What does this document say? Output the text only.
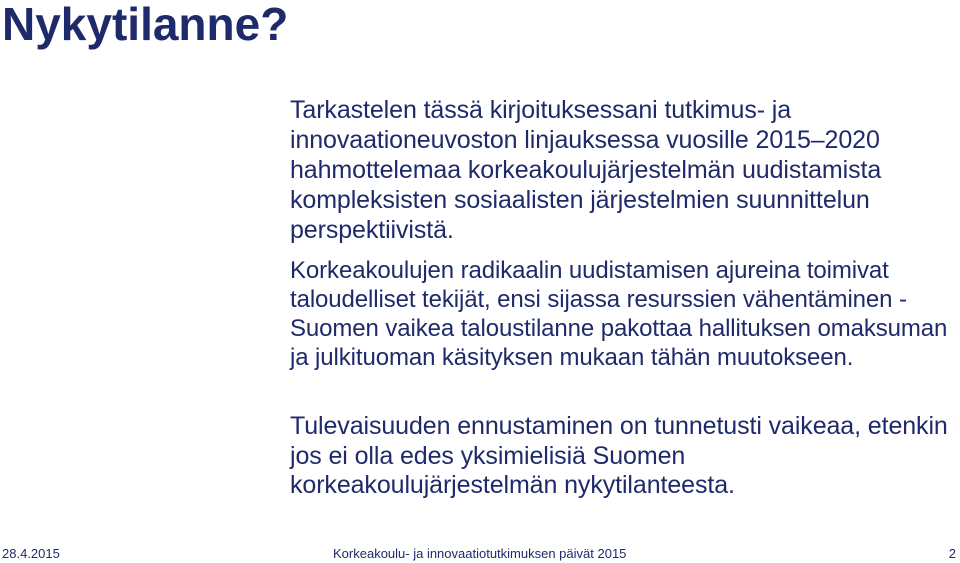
Nykytilanne?

Tarkastelen tässä kirjoituksessani tutkimus- ja innovaationeuvoston linjauksessa vuosille 2015–2020 hahmottelemaa korkeakoulujärjestelmän uudistamista kompleksisten sosiaalisten järjestelmien suunnittelun perspektiivistä.

Korkeakoulujen radikaalin uudistamisen ajureina toimivat taloudelliset tekijät, ensi sijassa resurssien vähentäminen - Suomen vaikea taloustilanne pakottaa hallituksen omaksuman ja julkituoman käsityksen mukaan tähän muutokseen.

Tulevaisuuden ennustaminen on tunnetusti vaikeaa, etenkin jos ei olla edes yksimielisiä Suomen korkeakoulujärjestelmän nykytilanteesta.

28.4.2015	Korkeakoulu- ja innovaatiotutkimuksen päivät 2015	2
